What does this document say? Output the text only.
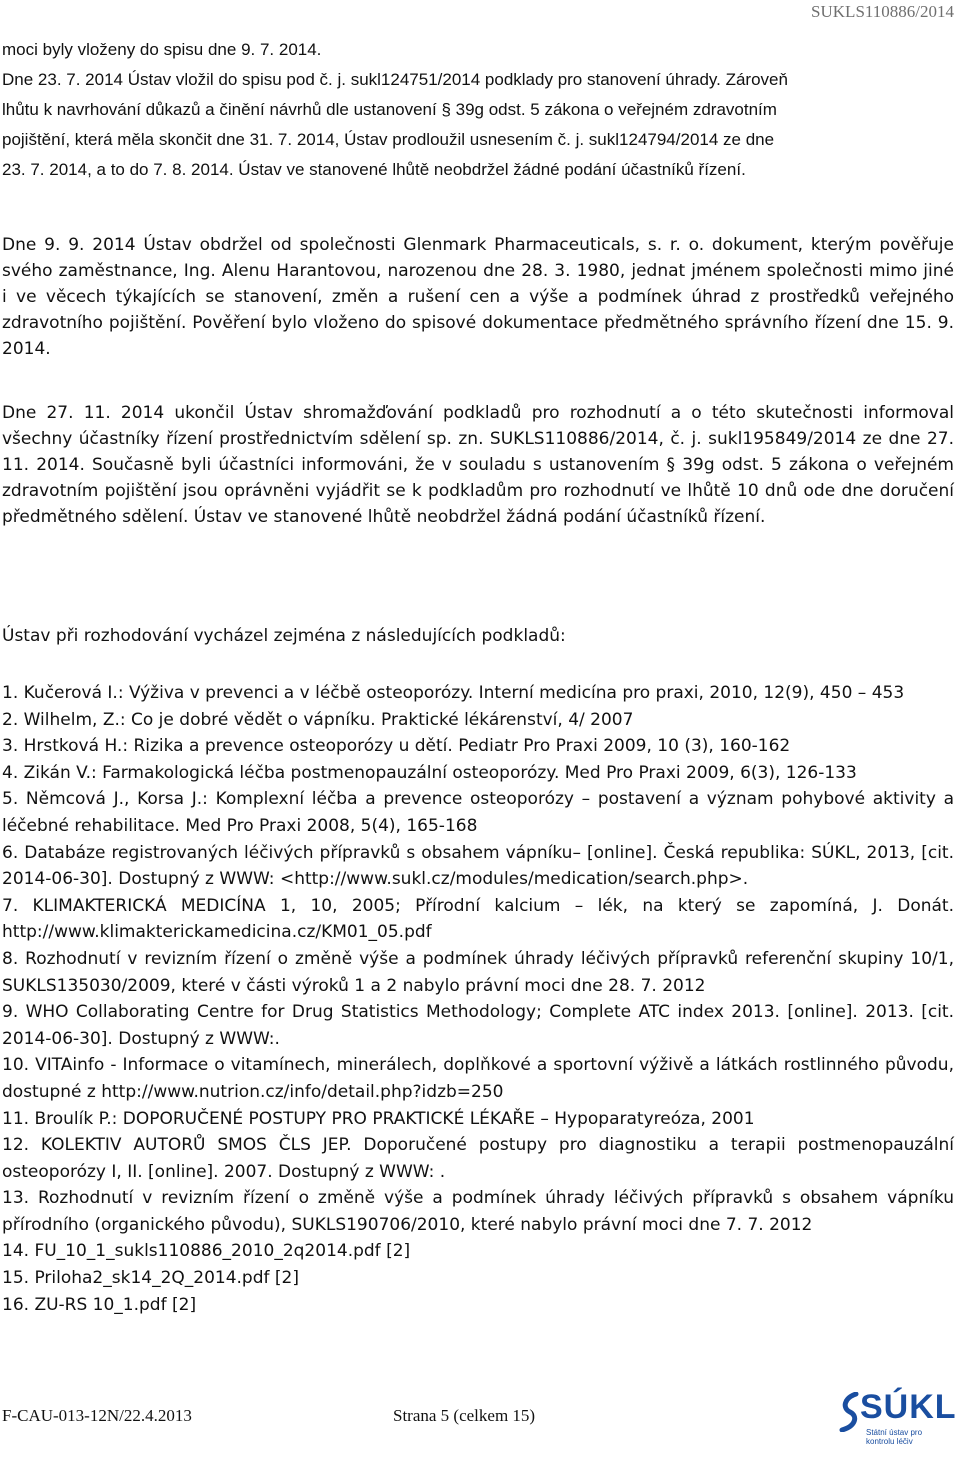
SUKLS110886/2014

moci byly vloženy do spisu dne 9. 7. 2014.

Dne 23. 7. 2014 Ústav vložil do spisu pod č. j. sukl124751/2014 podklady pro stanovení úhrady. Zároveň
lhůtu k navrhování důkazů a činění návrhů dle ustanovení § 39g odst. 5 zákona o veřejném zdravotním
pojištění, která měla skončit dne 31. 7. 2014, Ústav prodloužil usnesením č. j. sukl124794/2014 ze dne
23. 7. 2014, a to do 7. 8. 2014. Ústav ve stanovené lhůtě neobdržel žádné podání účastníků řízení.

Dne 9. 9. 2014 Ústav obdržel od společnosti Glenmark Pharmaceuticals, s. r. o. dokument, kterým pověřuje svého zaměstnance, Ing. Alenu Harantovou, narozenou dne 28. 3. 1980, jednat jménem společnosti mimo jiné i ve věcech týkajících se stanovení, změn a rušení cen a výše a podmínek úhrad z prostředků veřejného zdravotního pojištění. Pověření bylo vloženo do spisové dokumentace předmětného správního řízení dne 15. 9. 2014.

Dne 27. 11. 2014 ukončil Ústav shromažďování podkladů pro rozhodnutí a o této skutečnosti informoval všechny účastníky řízení prostřednictvím sdělení sp. zn. SUKLS110886/2014, č. j. sukl195849/2014 ze dne 27. 11. 2014. Současně byli účastníci informováni, že v souladu s ustanovením § 39g odst. 5 zákona o veřejném zdravotním pojištění jsou oprávněni vyjádřit se k podkladům pro rozhodnutí ve lhůtě 10 dnů ode dne doručení předmětného sdělení. Ústav ve stanovené lhůtě neobdržel žádná podání účastníků řízení.

Ústav při rozhodování vycházel zejména z následujících podkladů:

1. Kučerová I.: Výživa v prevenci a v léčbě osteoporózy. Interní medicína pro praxi, 2010, 12(9), 450 – 453
2. Wilhelm, Z.: Co je dobré vědět o vápníku. Praktické lékárenství, 4/ 2007
3. Hrstková H.: Rizika a prevence osteoporózy u dětí. Pediatr Pro Praxi 2009, 10 (3), 160-162
4. Zikán V.: Farmakologická léčba postmenopauzální osteoporózy. Med Pro Praxi 2009, 6(3), 126-133
5. Němcová J., Korsa J.: Komplexní léčba a prevence osteoporózy – postavení a význam pohybové aktivity a léčebné rehabilitace. Med Pro Praxi 2008, 5(4), 165-168
6. Databáze registrovaných léčivých přípravků s obsahem vápníku– [online]. Česká republika: SÚKL, 2013, [cit. 2014-06-30]. Dostupný z WWW: <http://www.sukl.cz/modules/medication/search.php>.
7. KLIMAKTERICKÁ MEDICÍNA 1, 10, 2005; Přírodní kalcium – lék, na který se zapomíná, J. Donát. http://www.klimakterickamedicina.cz/KM01_05.pdf
8. Rozhodnutí v revizním řízení o změně výše a podmínek úhrady léčivých přípravků referenční skupiny 10/1, SUKLS135030/2009, které v části výroků 1 a 2 nabylo právní moci dne 28. 7. 2012
9. WHO Collaborating Centre for Drug Statistics Methodology; Complete ATC index 2013. [online]. 2013. [cit. 2014-06-30]. Dostupný z WWW:.
10. VITAinfo - Informace o vitamínech, minerálech, doplňkové a sportovní výživě a látkách rostlinného původu, dostupné z http://www.nutrion.cz/info/detail.php?idzb=250
11. Broulík P.: DOPORUČENÉ POSTUPY PRO PRAKTICKÉ LÉKAŘE – Hypoparatyreóza, 2001
12. KOLEKTIV AUTORŮ SMOS ČLS JEP. Doporučené postupy pro diagnostiku a terapii postmenopauzální osteoporózy I, II. [online]. 2007. Dostupný z WWW: .
13. Rozhodnutí v revizním řízení o změně výše a podmínek úhrady léčivých přípravků s obsahem vápníku přírodního (organického původu), SUKLS190706/2010, které nabylo právní moci dne 7. 7. 2012
14. FU_10_1_sukls110886_2010_2q2014.pdf [2]
15. Priloha2_sk14_2Q_2014.pdf [2]
16. ZU-RS 10_1.pdf [2]
F-CAU-013-12N/22.4.2013	Strana 5 (celkem 15)	SÚKL
Státní ústav pro kontrolu léčiv
